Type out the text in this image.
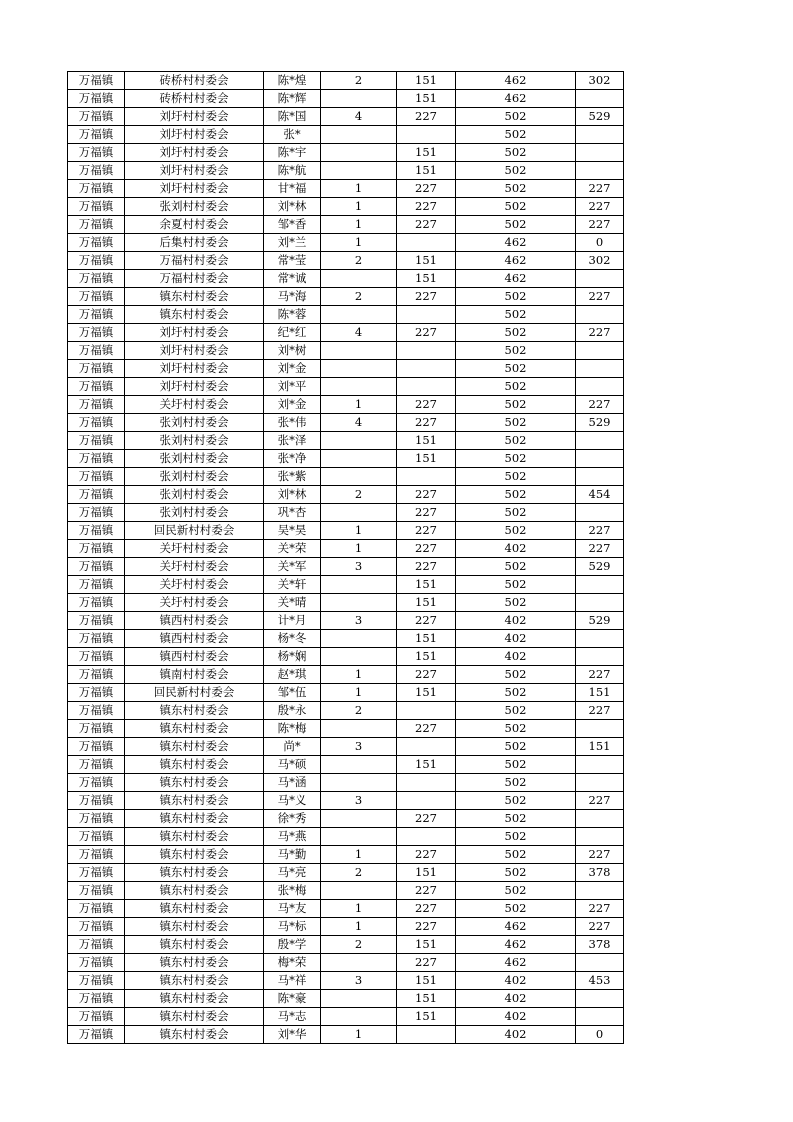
万福镇	砖桥村村委会	陈*煌	2	151	462	302
万福镇	砖桥村村委会	陈*辉		151	462	
万福镇	刘圩村村委会	陈*国	4	227	502	529
万福镇	刘圩村村委会	张*			502	
万福镇	刘圩村村委会	陈*宇		151	502	
万福镇	刘圩村村委会	陈*航		151	502	
万福镇	刘圩村村委会	甘*福	1	227	502	227
万福镇	张刘村村委会	刘*林	1	227	502	227
万福镇	余夏村村委会	邹*香	1	227	502	227
万福镇	后集村村委会	刘*兰	1		462	0
万福镇	万福村村委会	常*莹	2	151	462	302
万福镇	万福村村委会	常*诚		151	462	
万福镇	镇东村村委会	马*海	2	227	502	227
万福镇	镇东村村委会	陈*蓉			502	
万福镇	刘圩村村委会	纪*红	4	227	502	227
万福镇	刘圩村村委会	刘*树			502	
万福镇	刘圩村村委会	刘*金			502	
万福镇	刘圩村村委会	刘*平			502	
万福镇	关圩村村委会	刘*金	1	227	502	227
万福镇	张刘村村委会	张*伟	4	227	502	529
万福镇	张刘村村委会	张*泽		151	502	
万福镇	张刘村村委会	张*净		151	502	
万福镇	张刘村村委会	张*紫			502	
万福镇	张刘村村委会	刘*林	2	227	502	454
万福镇	张刘村村委会	巩*杏		227	502	
万福镇	回民新村村委会	吴*昊	1	227	502	227
万福镇	关圩村村委会	关*荣	1	227	402	227
万福镇	关圩村村委会	关*军	3	227	502	529
万福镇	关圩村村委会	关*轩		151	502	
万福镇	关圩村村委会	关*晴		151	502	
万福镇	镇西村村委会	计*月	3	227	402	529
万福镇	镇西村村委会	杨*冬		151	402	
万福镇	镇西村村委会	杨*娴		151	402	
万福镇	镇南村村委会	赵*琪	1	227	502	227
万福镇	回民新村村委会	邹*伍	1	151	502	151
万福镇	镇东村村委会	殷*永	2		502	227
万福镇	镇东村村委会	陈*梅		227	502	
万福镇	镇东村村委会	尚*	3		502	151
万福镇	镇东村村委会	马*硕		151	502	
万福镇	镇东村村委会	马*涵			502	
万福镇	镇东村村委会	马*义	3		502	227
万福镇	镇东村村委会	徐*秀		227	502	
万福镇	镇东村村委会	马*燕			502	
万福镇	镇东村村委会	马*勤	1	227	502	227
万福镇	镇东村村委会	马*亮	2	151	502	378
万福镇	镇东村村委会	张*梅		227	502	
万福镇	镇东村村委会	马*友	1	227	502	227
万福镇	镇东村村委会	马*标	1	227	462	227
万福镇	镇东村村委会	殷*学	2	151	462	378
万福镇	镇东村村委会	梅*荣		227	462	
万福镇	镇东村村委会	马*祥	3	151	402	453
万福镇	镇东村村委会	陈*豪		151	402	
万福镇	镇东村村委会	马*志		151	402	
万福镇	镇东村村委会	刘*华	1		402	0
